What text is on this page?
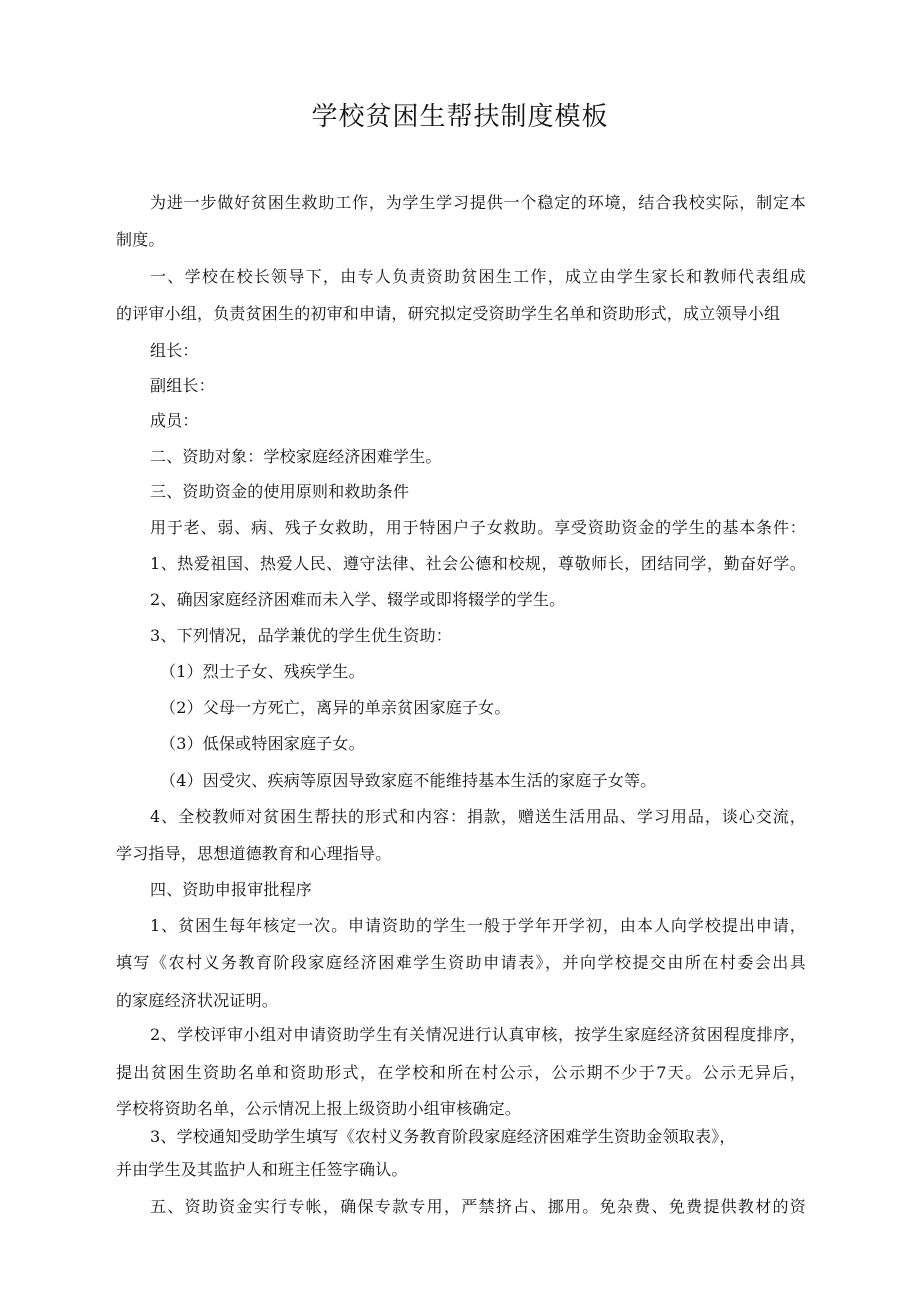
学校贫困生帮扶制度模板
为进一步做好贫困生救助工作，为学生学习提供一个稳定的环境，结合我校实际，制定本
制度。
一、学校在校长领导下，由专人负责资助贫困生工作，成立由学生家长和教师代表组成
的评审小组，负责贫困生的初审和申请，研究拟定受资助学生名单和资助形式，成立领导小组
组长：
副组长：
成员：
二、资助对象：学校家庭经济困难学生。
三、资助资金的使用原则和救助条件
用于老、弱、病、残子女救助，用于特困户子女救助。享受资助资金的学生的基本条件：
1、热爱祖国、热爱人民、遵守法律、社会公德和校规，尊敬师长，团结同学，勤奋好学。
2、确因家庭经济困难而未入学、辍学或即将辍学的学生。
3、下列情况，品学兼优的学生优生资助：
（1）烈士子女、残疾学生。
（2）父母一方死亡，离异的单亲贫困家庭子女。
（3）低保或特困家庭子女。
（4）因受灾、疾病等原因导致家庭不能维持基本生活的家庭子女等。
4、全校教师对贫困生帮扶的形式和内容：捐款，赠送生活用品、学习用品，谈心交流，
学习指导，思想道德教育和心理指导。
四、资助申报审批程序
1、贫困生每年核定一次。申请资助的学生一般于学年开学初，由本人向学校提出申请，
填写《农村义务教育阶段家庭经济困难学生资助申请表》，并向学校提交由所在村委会出具
的家庭经济状况证明。
2、学校评审小组对申请资助学生有关情况进行认真审核，按学生家庭经济贫困程度排序，
提出贫困生资助名单和资助形式，在学校和所在村公示，公示期不少于7天。公示无异后，
学校将资助名单，公示情况上报上级资助小组审核确定。
3、学校通知受助学生填写《农村义务教育阶段家庭经济困难学生资助金领取表》，
并由学生及其监护人和班主任签字确认。
五、资助资金实行专帐，确保专款专用，严禁挤占、挪用。免杂费、免费提供教材的资
